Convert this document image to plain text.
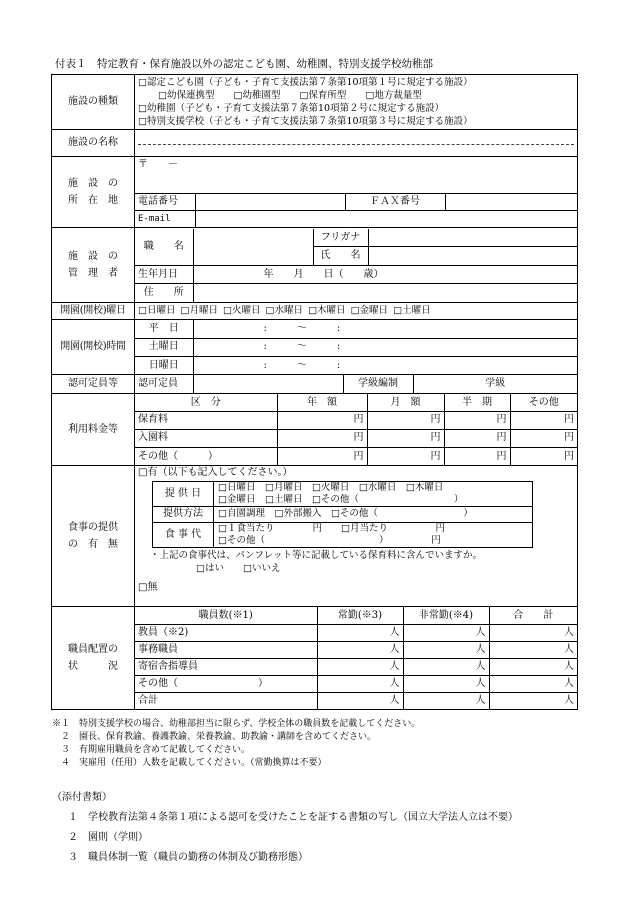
付表１　特定教育・保育施設以外の認定こども園、幼稚園、特別支援学校幼稚部
施設の種類	
□認定こども園（子ども・子育て支援法第７条第10項第１号に規定する施設）
□幼保連携型　　□幼稚園型　　□保育所型　　□地方裁量型
□幼稚園（子ども・子育て支援法第７条第10項第２号に規定する施設）
□特別支援学校（子ども・子育て支援法第７条第10項第３号に規定する施設）

施設の名称	

施　設　の
所　在　地

〒　　－
電話番号		ＦＡＸ番号	
E-mail	

施　設　の
管　理　者

職　　名		フリガナ	
氏　　名	
生年月日	年　　月　　日（　　歳）
住　　所	

開園(開校)曜日	□日曜日 □月曜日 □火曜日 □水曜日 □木曜日 □金曜日 □土曜日
開園(開校)時間	
平　日	:　　　～　　　:
土曜日	:　　　～　　　:
日曜日	:　　　～　　　:

認可定員等	認可定員		学級編制	学級

利用料金等	
区　分	年　額	月　額	半　期	その他
保育料	円	円	円	円
入園料	円	円	円	円
その他（　　　）	円	円	円	円

食事の提供
の　有　無

□有（以下も記入してください。）
提 供 日	
□日曜日　□月曜日　□火曜日　□水曜日　□木曜日
□金曜日　□土曜日　□その他（　　　　　　　　　　）

提供方法	□自園調理　□外部搬入　□その他（　　　　　　　　　）
食 事 代	
□１食当たり　　　　円　　□月当たり　　　　　円
□その他（　　　　　　　　　　　　）　　　　　円
・上記の食事代は、パンフレット等に記載している保育料に含んでいますか。
□はい　　□いいえ
□無

職員配置の
状　　　況

職員数(※1)	常勤(※3)	非常勤(※4)	合　　計
教員（※2)	人	人	人
事務職員	人	人	人
寄宿舎指導員	人	人	人
その他（　　　　　　　　）	人	人	人
合計	人	人	人
※１　特別支援学校の場合、幼稚部担当に限らず、学校全体の職員数を記載してください。
　２　園長、保育教諭、養護教諭、栄養教諭、助教諭・講師を含めてください。
　３　有期雇用職員を含めて記載してください。
　４　実雇用（任用）人数を記載してください。（常勤換算は不要）
（添付書類）
１　学校教育法第４条第１項による認可を受けたことを証する書類の写し（国立大学法人立は不要）
２　園則（学則）
３　職員体制一覧（職員の勤務の体制及び勤務形態）
